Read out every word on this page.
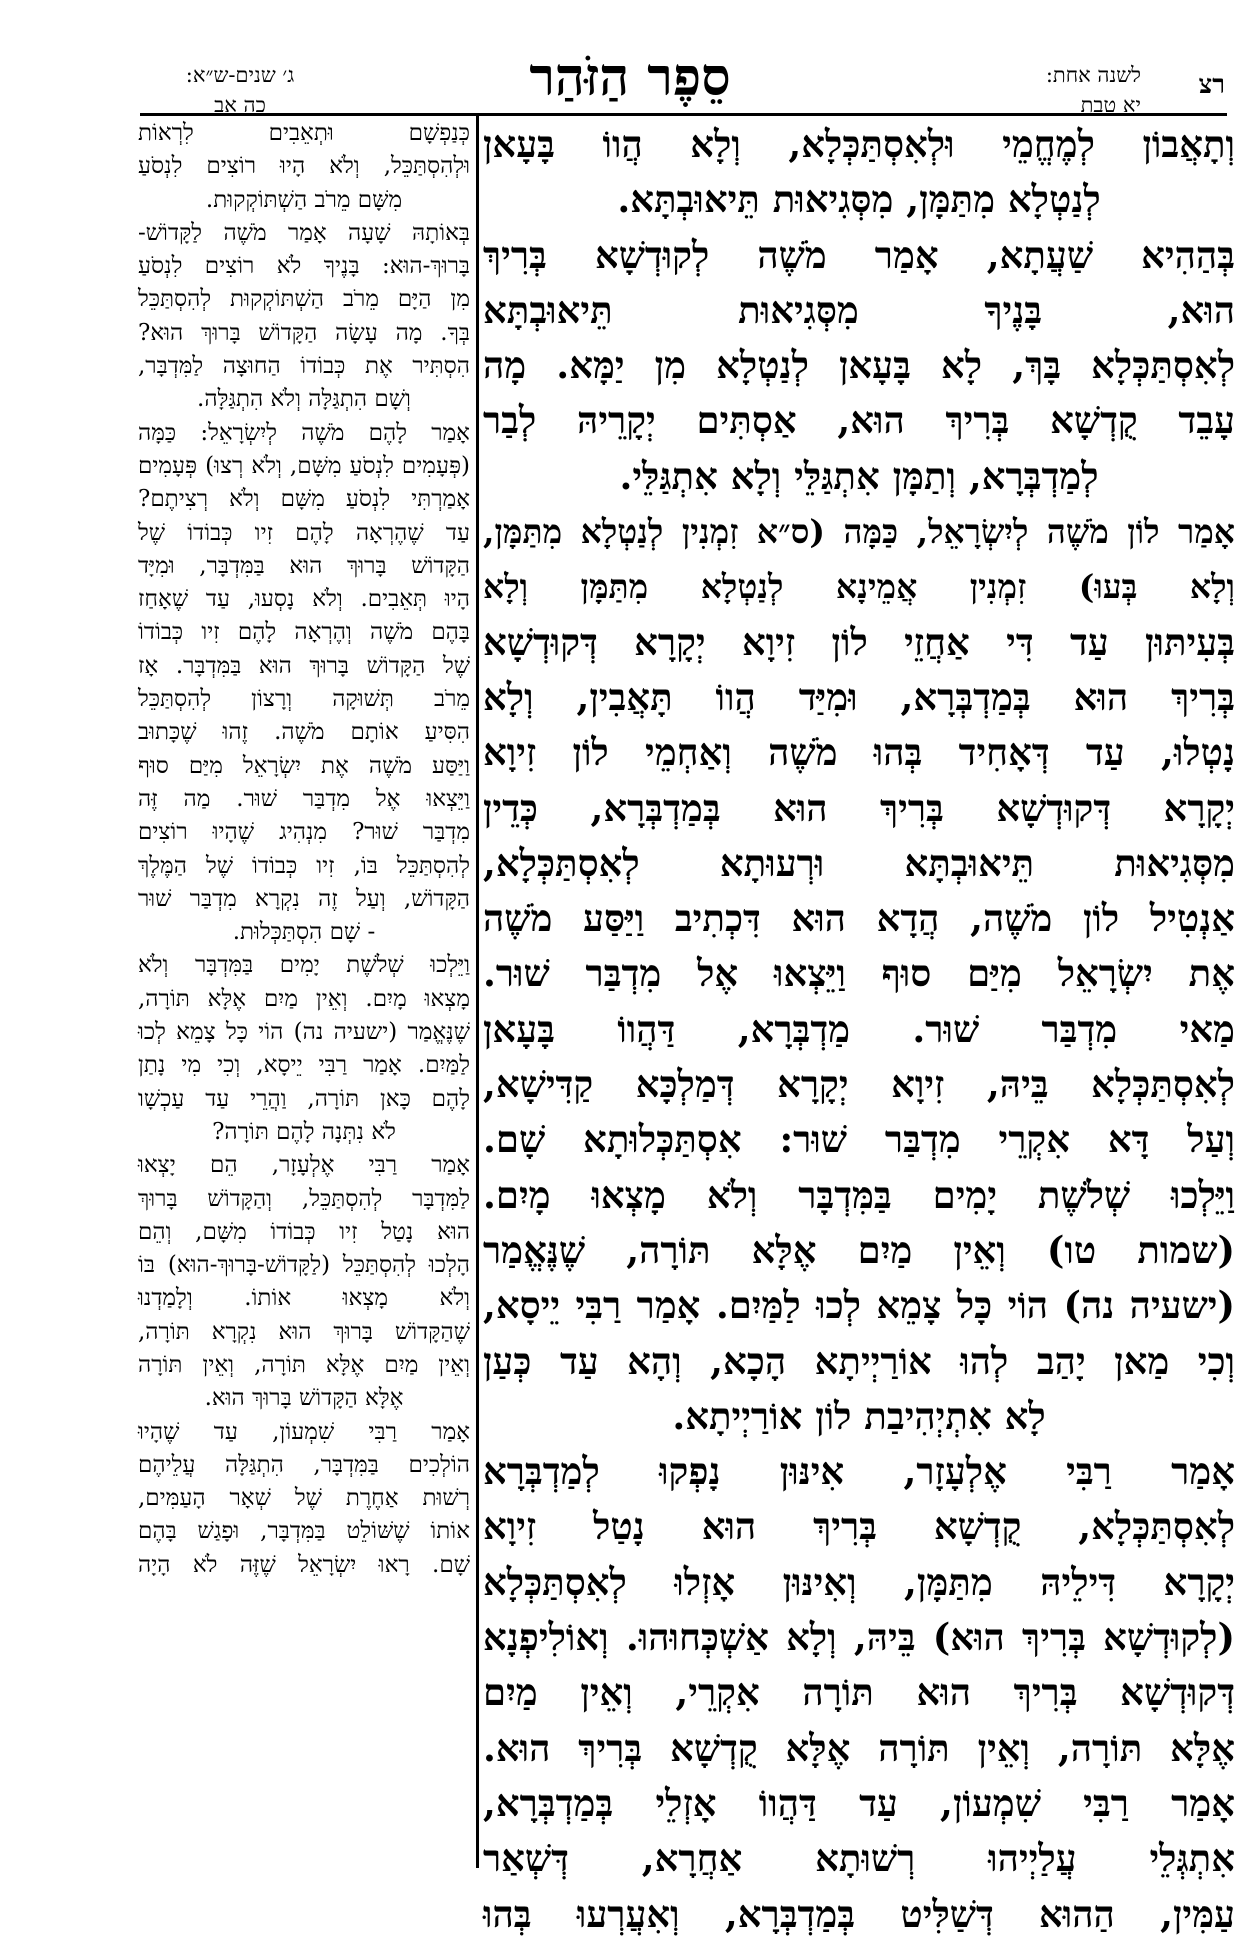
רצ
לשנה אחת:
יא טבת
סֵפֶר הַזֹּהַר
ג׳ שנים-ש״א:
כה אב
וְתָאֲבוֹן לְמֶחֱמֵי וּלְאִסְתַּכְּלָא, וְלָא הֲווֹ בָּעָאן
לְנַטְלָא מִתַּמָּן, מִסְּגִיאוּת תֵּיאוּבְתָּא.
בְּהַהִיא שַׁעֲתָא, אָמַר מֹשֶׁה לְקוּדְשָׁא בְּרִיךְ
הוּא, בָּנֶיךָ מִסְּגִיאוּת תֵּיאוּבְתָּא
לְאִסְתַּכְּלָא בָּךְ, לָא בָּעָאן לְנַטְלָא מִן יַמָּא. מָה
עָבֵד קֻדְשָׁא בְּרִיךְ הוּא, אַסְתִּים יְקָרֵיהּ לְבַר
לְמַדְבְּרָא, וְתַמָּן אִתְגַּלֵּי וְלָא אִתְגַּלֵּי.
אָמַר לוֹן מֹשֶׁה לְיִשְׂרָאֵל, כַּמָּה (ס״א זִמְנִין לְנַטְלָא מִתַּמָּן,
וְלָא בְּעוּ) זִמְנִין אֲמֵינָא לְנַטְלָא מִתַּמָּן וְלָא
בְּעִיתּוּן עַד דִּי אַחֲזֵי לוֹן זִיוָא יְקָרָא דְּקוּדְשָׁא
בְּרִיךְ הוּא בְּמַדְבְּרָא, וּמִיַּד הֲווֹ תָּאֲבִין, וְלָא
נָטְלוּ, עַד דְּאָחִיד בְּהוּ מֹשֶׁה וְאַחְמֵי לוֹן זִיוָא
יְקָרָא דְּקוּדְשָׁא בְּרִיךְ הוּא בְּמַדְבְּרָא, כְּדֵין
מִסְּגִיאוּת תֵּיאוּבְתָּא וּרְעוּתָא לְאִסְתַּכְּלָא,
אַנְטִיל לוֹן מֹשֶׁה, הֲדָא הוּא דִּכְתִיב וַיַּסַּע מֹשֶׁה
אֶת יִשְׂרָאֵל מִיַּם סוּף וַיֵּצְאוּ אֶל מִדְבַּר שׁוּר.
מַאי מִדְבַּר שׁוּר. מַדְבְּרָא, דַּהֲווֹ בָּעָאן
לְאִסְתַּכְּלָא בֵּיהּ, זִיוָא יְקָרָא דְּמַלְכָּא קַדִּישָׁא,
וְעַל דָּא אִקְרֵי מִדְבַּר שׁוּר: אִסְתַּכְּלוּתָא שָׁם.
וַיֵּלְכוּ שְׁלֹשֶׁת יָמִים בַּמִּדְבָּר וְלֹא מָצְאוּ מָיִם.
(שמות טו) וְאֵין מַיִם אֶלָּא תּוֹרָה, שֶׁנֶּאֱמַר
(ישעיה נה) הוֹי כָּל צָמֵא לְכוּ לַמַּיִם. אָמַר רַבִּי יֵיסָא,
וְכִי מַאן יָהַב לְהוּ אוֹרַיְיתָא הָכָא, וְהָא עַד כְּעַן
לָא אִתְיְהִיבַת לוֹן אוֹרַיְיתָא.
אָמַר רַבִּי אֶלְעָזָר, אִינּוּן נָפְקוּ לְמַדְבְּרָא
לְאִסְתַּכְּלָא, קֻדְשָׁא בְּרִיךְ הוּא נָטַל זִיוָא
יְקָרָא דִּילֵיהּ מִתַּמָּן, וְאִינּוּן אָזְלוּ לְאִסְתַּכְּלָא
(לְקוּדְשָׁא בְּרִיךְ הוּא) בֵּיהּ, וְלָא אַשְׁכְּחוּהוּ. וְאוֹלִיפְנָא
דְּקוּדְשָׁא בְּרִיךְ הוּא תּוֹרָה אִקְרֵי, וְאֵין מַיִם
אֶלָּא תּוֹרָה, וְאֵין תּוֹרָה אֶלָּא קֻדְשָׁא בְּרִיךְ הוּא.
אָמַר רַבִּי שִׁמְעוֹן, עַד דַּהֲווֹ אָזְלֵי בְּמַדְבְּרָא,
אִתְגְּלֵי עֲלַיְיהוּ רְשׁוּתָא אַחֲרָא, דְּשְׁאַר
עַמִּין, הַהוּא דְּשַׁלִּיט בְּמַדְבְּרָא, וְאִעֲרְעוּ בְּהוּ
כְּנַפְשָׁם וּתְאֵבִים לִרְאוֹת
וּלְהִסְתַּכֵּל, וְלֹא הָיוּ רוֹצִים לִנְסֹעַ
מִשָּׁם מֵרֹב הַשְׁתּוֹקְקוּת.
בְּאוֹתָהּ שָׁעָה אָמַר מֹשֶׁה לַקָּדוֹשׁ-
בָּרוּךְ-הוּא: בָּנֶיךָ לֹא רוֹצִים לִנְסֹעַ
מִן הַיָּם מֵרֹב הַשְׁתּוֹקְקוּת לְהִסְתַּכֵּל
בְּךָ. מָה עָשָׂה הַקָּדוֹשׁ בָּרוּךְ הוּא?
הִסְתִּיר אֶת כְּבוֹדוֹ הַחוּצָה לַמִּדְבָּר,
וְשָׁם הִתְגַּלָּה וְלֹא הִתְגַּלָּה.
אָמַר לָהֶם מֹשֶׁה לְיִשְׂרָאֵל: כַּמָּה
(פְּעָמִים לִנְסֹעַ מִשָּׁם, וְלֹא רְצוּ) פְּעָמִים
אָמַרְתִּי לִנְסֹעַ מִשָּׁם וְלֹא רְצִיתֶם?
עַד שֶׁהֶרְאָה לָהֶם זִיו כְּבוֹדוֹ שֶׁל
הַקָּדוֹשׁ בָּרוּךְ הוּא בַּמִּדְבָּר, וּמִיָּד
הָיוּ תְּאֵבִים. וְלֹא נָסְעוּ, עַד שֶׁאָחַז
בָּהֶם מֹשֶׁה וְהֶרְאָה לָהֶם זִיו כְּבוֹדוֹ
שֶׁל הַקָּדוֹשׁ בָּרוּךְ הוּא בַּמִּדְבָּר. אָז
מֵרֹב תְּשׁוּקָה וְרָצוֹן לְהִסְתַּכֵּל
הִסִּיעַ אוֹתָם מֹשֶׁה. זֶהוּ שֶׁכָּתוּב
וַיַּסַּע מֹשֶׁה אֶת יִשְׂרָאֵל מִיַּם סוּף
וַיֵּצְאוּ אֶל מִדְבַּר שׁוּר. מַה זֶּה
מִדְבַּר שׁוּר? מִנְהִיג שֶׁהָיוּ רוֹצִים
לְהִסְתַּכֵּל בּוֹ, זִיו כְּבוֹדוֹ שֶׁל הַמֶּלֶךְ
הַקָּדוֹשׁ, וְעַל זֶה נִקְרָא מִדְבַּר שׁוּר
- שָׁם הִסְתַּכְּלוּת.
וַיֵּלְכוּ שְׁלֹשֶׁת יָמִים בַּמִּדְבָּר וְלֹא
מָצְאוּ מָיִם. וְאֵין מַיִם אֶלָּא תּוֹרָה,
שֶׁנֶּאֱמַר (ישעיה נה) הוֹי כָּל צָמֵא לְכוּ
לַמַּיִם. אָמַר רַבִּי יֵיסָא, וְכִי מִי נָתַן
לָהֶם כָּאן תּוֹרָה, וַהֲרֵי עַד עַכְשָׁו
לֹא נִתְּנָה לָהֶם תּוֹרָה?
אָמַר רַבִּי אֶלְעָזָר, הֵם יָצְאוּ
לַמִּדְבָּר לְהִסְתַּכֵּל, וְהַקָּדוֹשׁ בָּרוּךְ
הוּא נָטַל זִיו כְּבוֹדוֹ מִשָּׁם, וְהֵם
הָלְכוּ לְהִסְתַּכֵּל (לַקָּדוֹשׁ-בָּרוּךְ-הוּא) בּוֹ
וְלֹא מָצְאוּ אוֹתוֹ. וְלָמַדְנוּ
שֶׁהַקָּדוֹשׁ בָּרוּךְ הוּא נִקְרָא תּוֹרָה,
וְאֵין מַיִם אֶלָּא תּוֹרָה, וְאֵין תּוֹרָה
אֶלָּא הַקָּדוֹשׁ בָּרוּךְ הוּא.
אָמַר רַבִּי שִׁמְעוֹן, עַד שֶׁהָיוּ
הוֹלְכִים בַּמִּדְבָּר, הִתְגַּלָּה עֲלֵיהֶם
רְשׁוּת אַחֶרֶת שֶׁל שְׁאָר הָעַמִּים,
אוֹתוֹ שֶׁשּׁוֹלֵט בַּמִּדְבָּר, וּפָגַשׁ בָּהֶם
שָׁם. רָאוּ יִשְׂרָאֵל שֶׁזֶּה לֹא הָיָה
